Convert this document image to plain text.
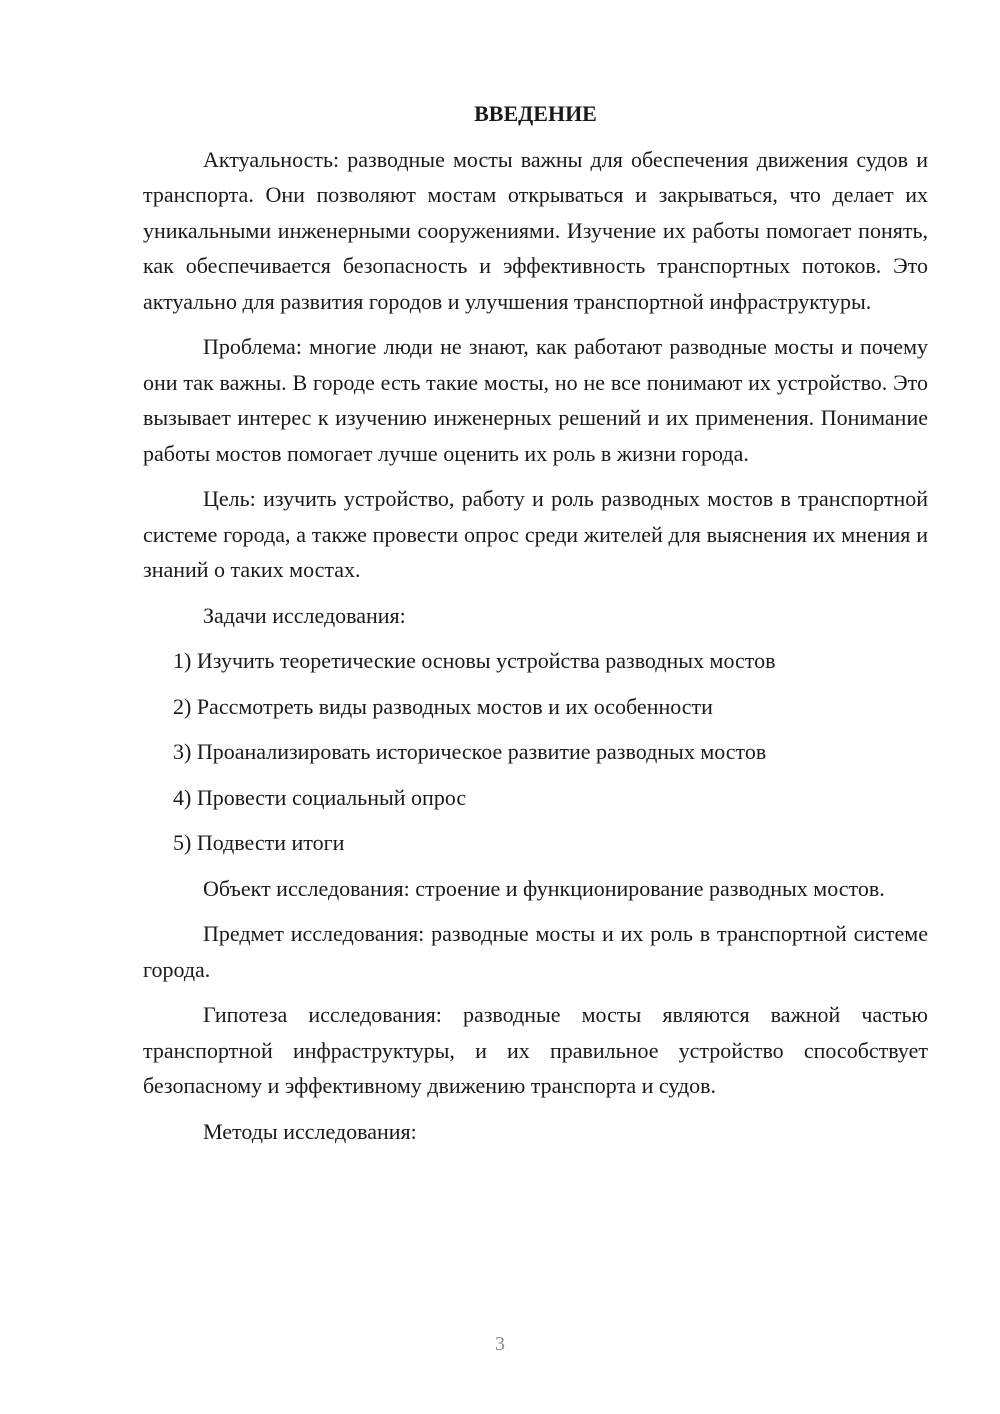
ВВЕДЕНИЕ

Актуальность: разводные мосты важны для обеспечения движения судов и транспорта. Они позволяют мостам открываться и закрываться, что делает их уникальными инженерными сооружениями. Изучение их работы помогает понять, как обеспечивается безопасность и эффективность транспортных потоков. Это актуально для развития городов и улучшения транспортной инфраструктуры.

Проблема: многие люди не знают, как работают разводные мосты и почему они так важны. В городе есть такие мосты, но не все понимают их устройство. Это вызывает интерес к изучению инженерных решений и их применения. Понимание работы мостов помогает лучше оценить их роль в жизни города.

Цель: изучить устройство, работу и роль разводных мостов в транспортной системе города, а также провести опрос среди жителей для выяснения их мнения и знаний о таких мостах.

Задачи исследования:

1) Изучить теоретические основы устройства разводных мостов
2) Рассмотреть виды разводных мостов и их особенности
3) Проанализировать историческое развитие разводных мостов
4) Провести социальный опрос
5) Подвести итоги

Объект исследования: строение и функционирование разводных мостов.

Предмет исследования: разводные мосты и их роль в транспортной системе города.

Гипотеза исследования: разводные мосты являются важной частью транспортной инфраструктуры, и их правильное устройство способствует безопасному и эффективному движению транспорта и судов.

Методы исследования:

3
